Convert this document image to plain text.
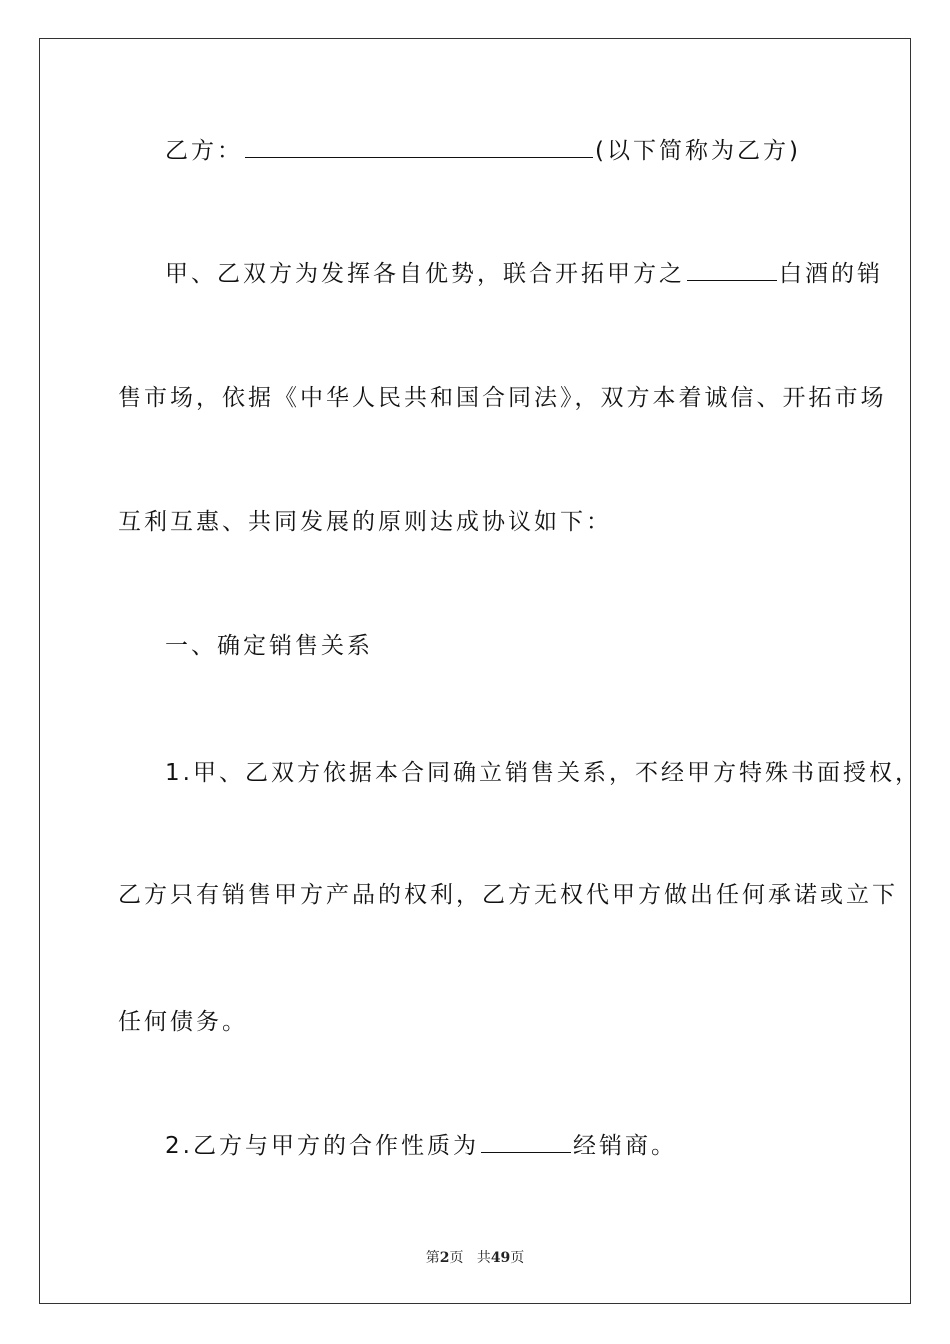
乙方：	(以下简称为乙方)
甲、乙双方为发挥各自优势，联合开拓甲方之	白酒的销
售市场，依据《中华人民共和国合同法》，双方本着诚信、开拓市场
互利互惠、共同发展的原则达成协议如下：
一、确定销售关系
1.甲、乙双方依据本合同确立销售关系，不经甲方特殊书面授权，
乙方只有销售甲方产品的权利，乙方无权代甲方做出任何承诺或立下
任何债务。
2.乙方与甲方的合作性质为	经销商。
第2页 共49页
